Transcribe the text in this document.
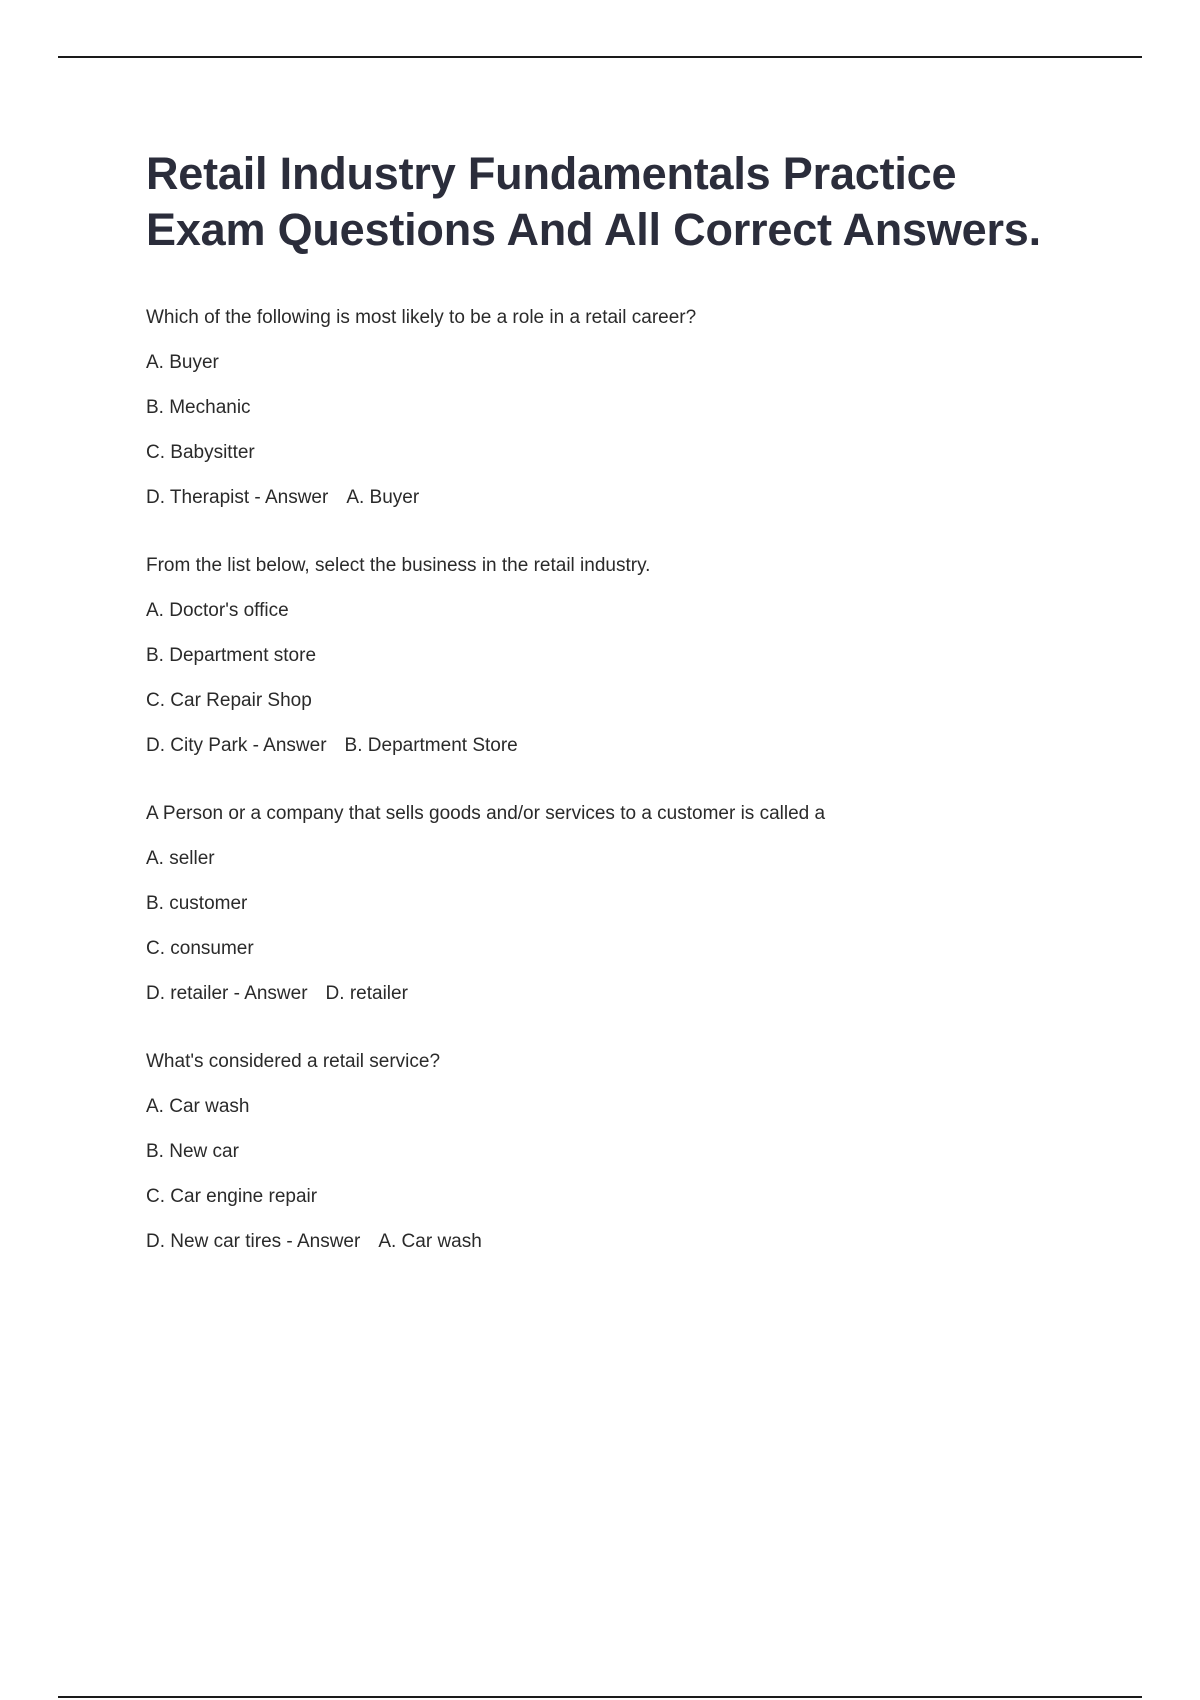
Retail Industry Fundamentals Practice Exam Questions And All Correct Answers.

Which of the following is most likely to be a role in a retail career?

A. Buyer

B. Mechanic

C. Babysitter

D. Therapist - Answer A. Buyer

From the list below, select the business in the retail industry.

A. Doctor's office

B. Department store

C. Car Repair Shop

D. City Park - Answer B. Department Store

A Person or a company that sells goods and/or services to a customer is called a

A. seller

B. customer

C. consumer

D. retailer - Answer D. retailer

What's considered a retail service?

A. Car wash

B. New car

C. Car engine repair

D. New car tires - Answer A. Car wash
